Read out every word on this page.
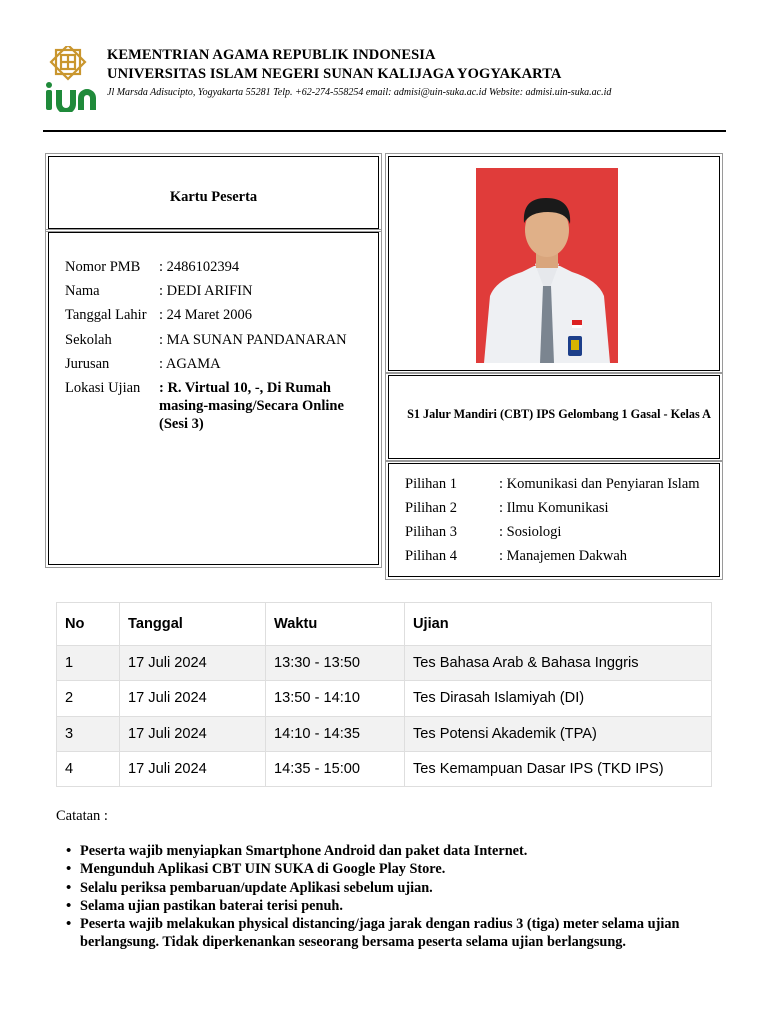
KEMENTRIAN AGAMA REPUBLIK INDONESIA
UNIVERSITAS ISLAM NEGERI SUNAN KALIJAGA YOGYAKARTA
Jl Marsda Adisucipto, Yogyakarta 55281 Telp. +62-274-558254 email: admisi@uin-suka.ac.id Website: admisi.uin-suka.ac.id
Kartu Peserta
Nomor PMB	: 2486102394
Nama	: DEDI ARIFIN
Tanggal Lahir : 24 Maret 2006
Sekolah	: MA SUNAN PANDANARAN
Jurusan	: AGAMA
Lokasi Ujian	: R. Virtual 10, -, Di Rumah masing-masing/Secara Online (Sesi 3)
S1 Jalur Mandiri (CBT) IPS Gelombang 1 Gasal - Kelas A
Pilihan 1	: Komunikasi dan Penyiaran Islam
Pilihan 2	: Ilmu Komunikasi
Pilihan 3	: Sosiologi
Pilihan 4	: Manajemen Dakwah
No	Tanggal	Waktu	Ujian
1	17 Juli 2024	13:30 - 13:50	Tes Bahasa Arab & Bahasa Inggris
2	17 Juli 2024	13:50 - 14:10	Tes Dirasah Islamiyah (DI)
3	17 Juli 2024	14:10 - 14:35	Tes Potensi Akademik (TPA)
4	17 Juli 2024	14:35 - 15:00	Tes Kemampuan Dasar IPS (TKD IPS)
Catatan :
• Peserta wajib menyiapkan Smartphone Android dan paket data Internet.
• Mengunduh Aplikasi CBT UIN SUKA di Google Play Store.
• Selalu periksa pembaruan/update Aplikasi sebelum ujian.
• Selama ujian pastikan baterai terisi penuh.
• Peserta wajib melakukan physical distancing/jaga jarak dengan radius 3 (tiga) meter selama ujian berlangsung. Tidak diperkenankan seseorang bersama peserta selama ujian berlangsung.
